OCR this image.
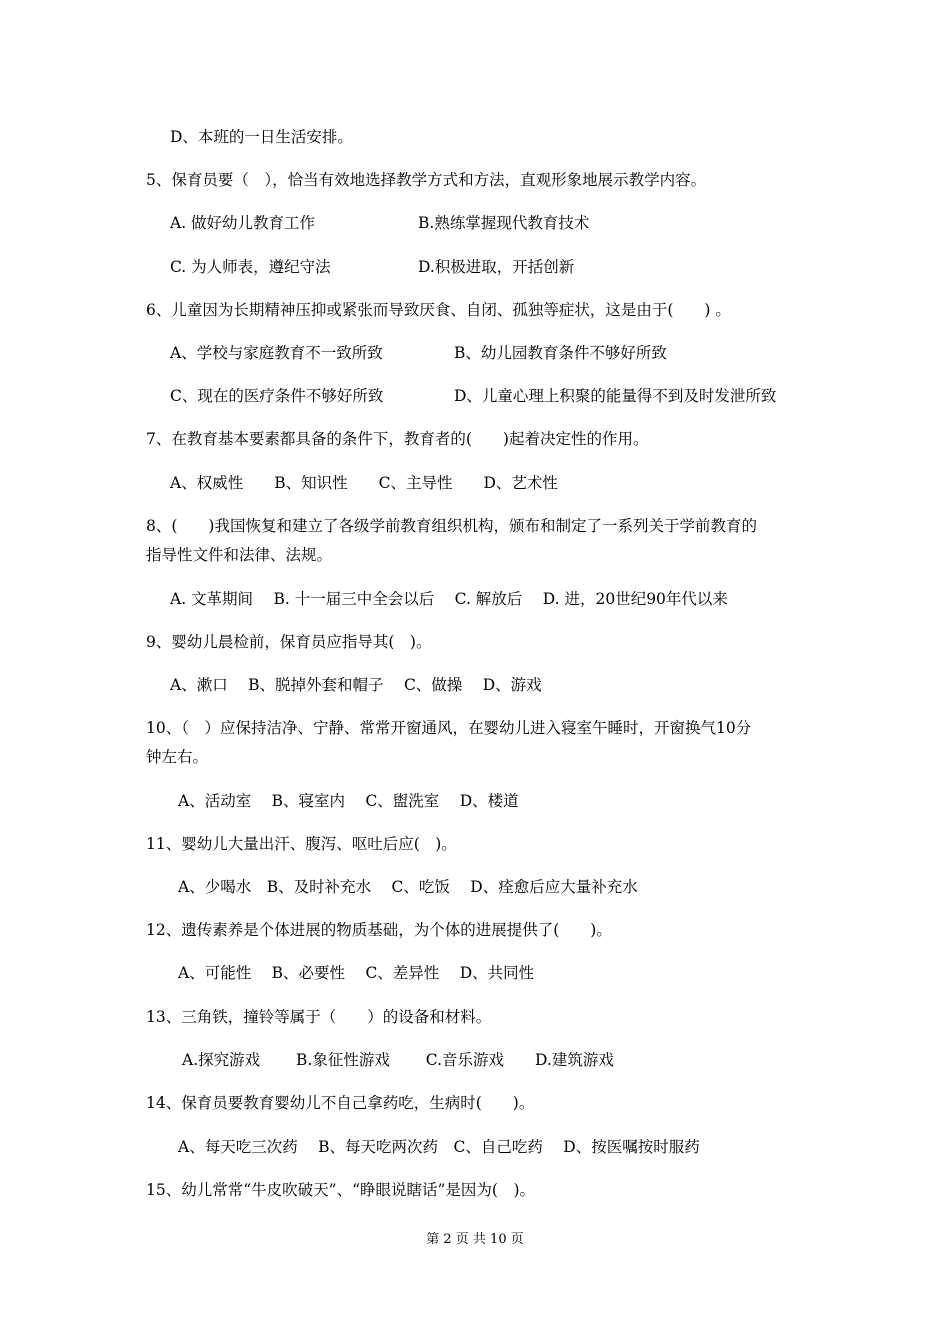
D、本班的一日生活安排。
5、保育员要（　），恰当有效地选择教学方式和方法，直观形象地展示教学内容。
A. 做好幼儿教育工作	B.熟练掌握现代教育技术
C. 为人师表，遵纪守法	D.积极进取，开括创新
6、儿童因为长期精神压抑或紧张而导致厌食、自闭、孤独等症状，这是由于(　　) 。
A、学校与家庭教育不一致所致	B、幼儿园教育条件不够好所致
C、现在的医疗条件不够好所致	D、儿童心理上积聚的能量得不到及时发泄所致
7、在教育基本要素都具备的条件下，教育者的(　　)起着决定性的作用。
A、权威性　　B、知识性　　C、主导性　　D、艺术性
8、(　　)我国恢复和建立了各级学前教育组织机构，颁布和制定了一系列关于学前教育的
指导性文件和法律、法规。
A. 文革期间　 B. 十一届三中全会以后　 C. 解放后　 D. 进，20世纪90年代以来
9、婴幼儿晨检前，保育员应指导其(　)。
A、漱口　 B、脱掉外套和帽子　 C、做操　 D、游戏
10、（　）应保持洁净、宁静、常常开窗通风，在婴幼儿进入寝室午睡时，开窗换气10分
钟左右。
A、活动室　 B、寝室内　 C、盥洗室　 D、楼道
11、婴幼儿大量出汗、腹泻、呕吐后应(　)。
A、少喝水　B、及时补充水　 C、吃饭　 D、痊愈后应大量补充水
12、遗传素养是个体进展的物质基础，为个体的进展提供了(　　)。
A、可能性　 B、必要性　 C、差异性　 D、共同性
13、三角铁，撞铃等属于（　　）的设备和材料。
A.探究游戏　　 B.象征性游戏　　 C.音乐游戏　　D.建筑游戏
14、保育员要教育婴幼儿不自己拿药吃，生病时(　　)。
A、每天吃三次药　 B、每天吃两次药　C、自己吃药　 D、按医嘱按时服药
15、幼儿常常“牛皮吹破天”、“睁眼说瞎话”是因为(　)。
第 2 页 共 10 页
